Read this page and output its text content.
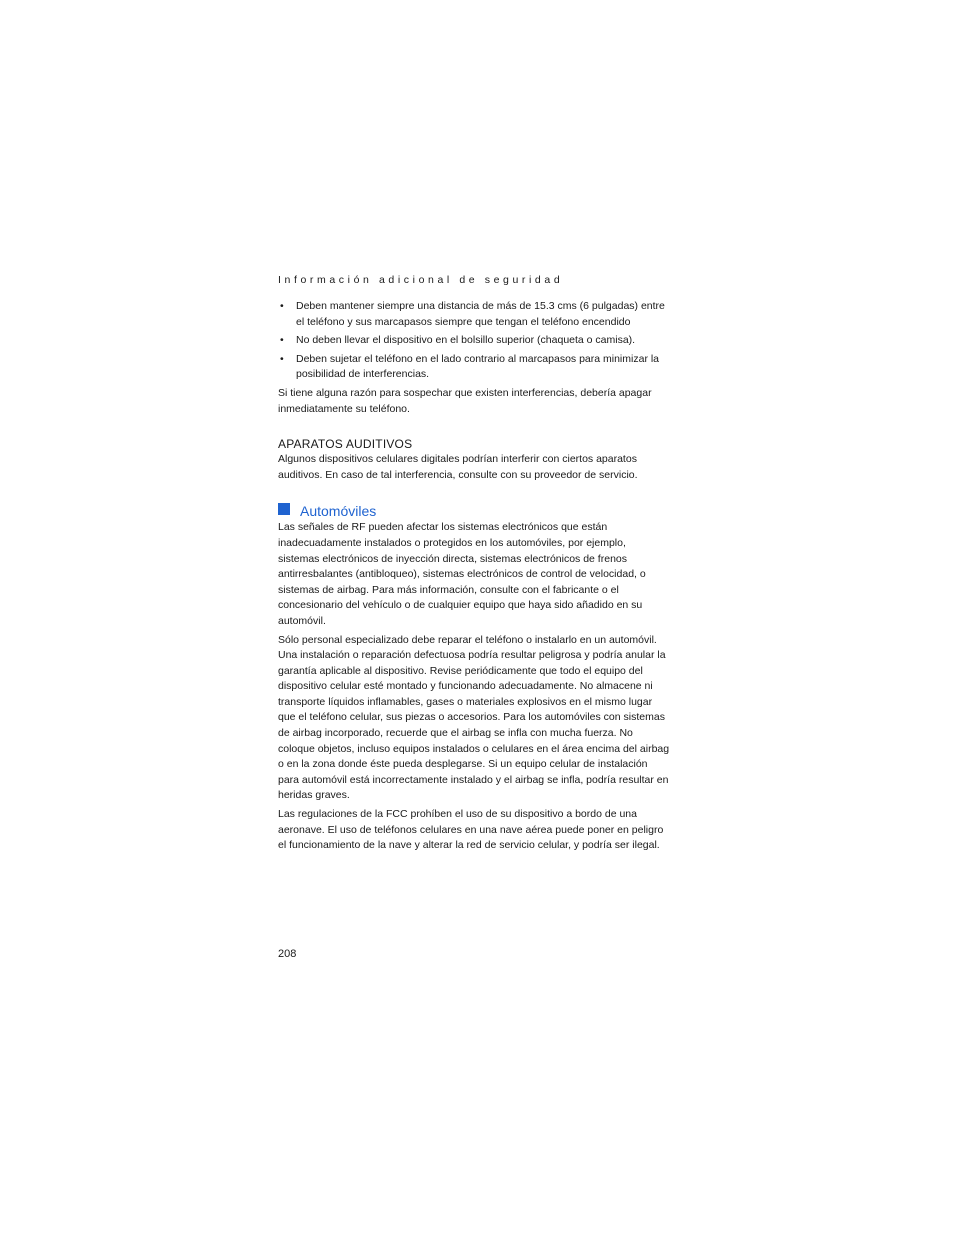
Información adicional de seguridad
• Deben mantener siempre una distancia de más de 15.3 cms (6 pulgadas) entre el teléfono y sus marcapasos siempre que tengan el teléfono encendido
• No deben llevar el dispositivo en el bolsillo superior (chaqueta o camisa).
• Deben sujetar el teléfono en el lado contrario al marcapasos para minimizar la posibilidad de interferencias.

Si tiene alguna razón para sospechar que existen interferencias, debería apagar inmediatamente su teléfono.

APARATOS AUDITIVOS

Algunos dispositivos celulares digitales podrían interferir con ciertos aparatos auditivos. En caso de tal interferencia, consulte con su proveedor de servicio.

Automóviles

Las señales de RF pueden afectar los sistemas electrónicos que están inadecuadamente instalados o protegidos en los automóviles, por ejemplo, sistemas electrónicos de inyección directa, sistemas electrónicos de frenos antirresbalantes (antibloqueo), sistemas electrónicos de control de velocidad, o sistemas de airbag. Para más información, consulte con el fabricante o el concesionario del vehículo o de cualquier equipo que haya sido añadido en su automóvil.

Sólo personal especializado debe reparar el teléfono o instalarlo en un automóvil. Una instalación o reparación defectuosa podría resultar peligrosa y podría anular la garantía aplicable al dispositivo. Revise periódicamente que todo el equipo del dispositivo celular esté montado y funcionando adecuadamente. No almacene ni transporte líquidos inflamables, gases o materiales explosivos en el mismo lugar que el teléfono celular, sus piezas o accesorios. Para los automóviles con sistemas de airbag incorporado, recuerde que el airbag se infla con mucha fuerza. No coloque objetos, incluso equipos instalados o celulares en el área encima del airbag o en la zona donde éste pueda desplegarse. Si un equipo celular de instalación para automóvil está incorrectamente instalado y el airbag se infla, podría resultar en heridas graves.

Las regulaciones de la FCC prohíben el uso de su dispositivo a bordo de una aeronave. El uso de teléfonos celulares en una nave aérea puede poner en peligro el funcionamiento de la nave y alterar la red de servicio celular, y podría ser ilegal.

208
